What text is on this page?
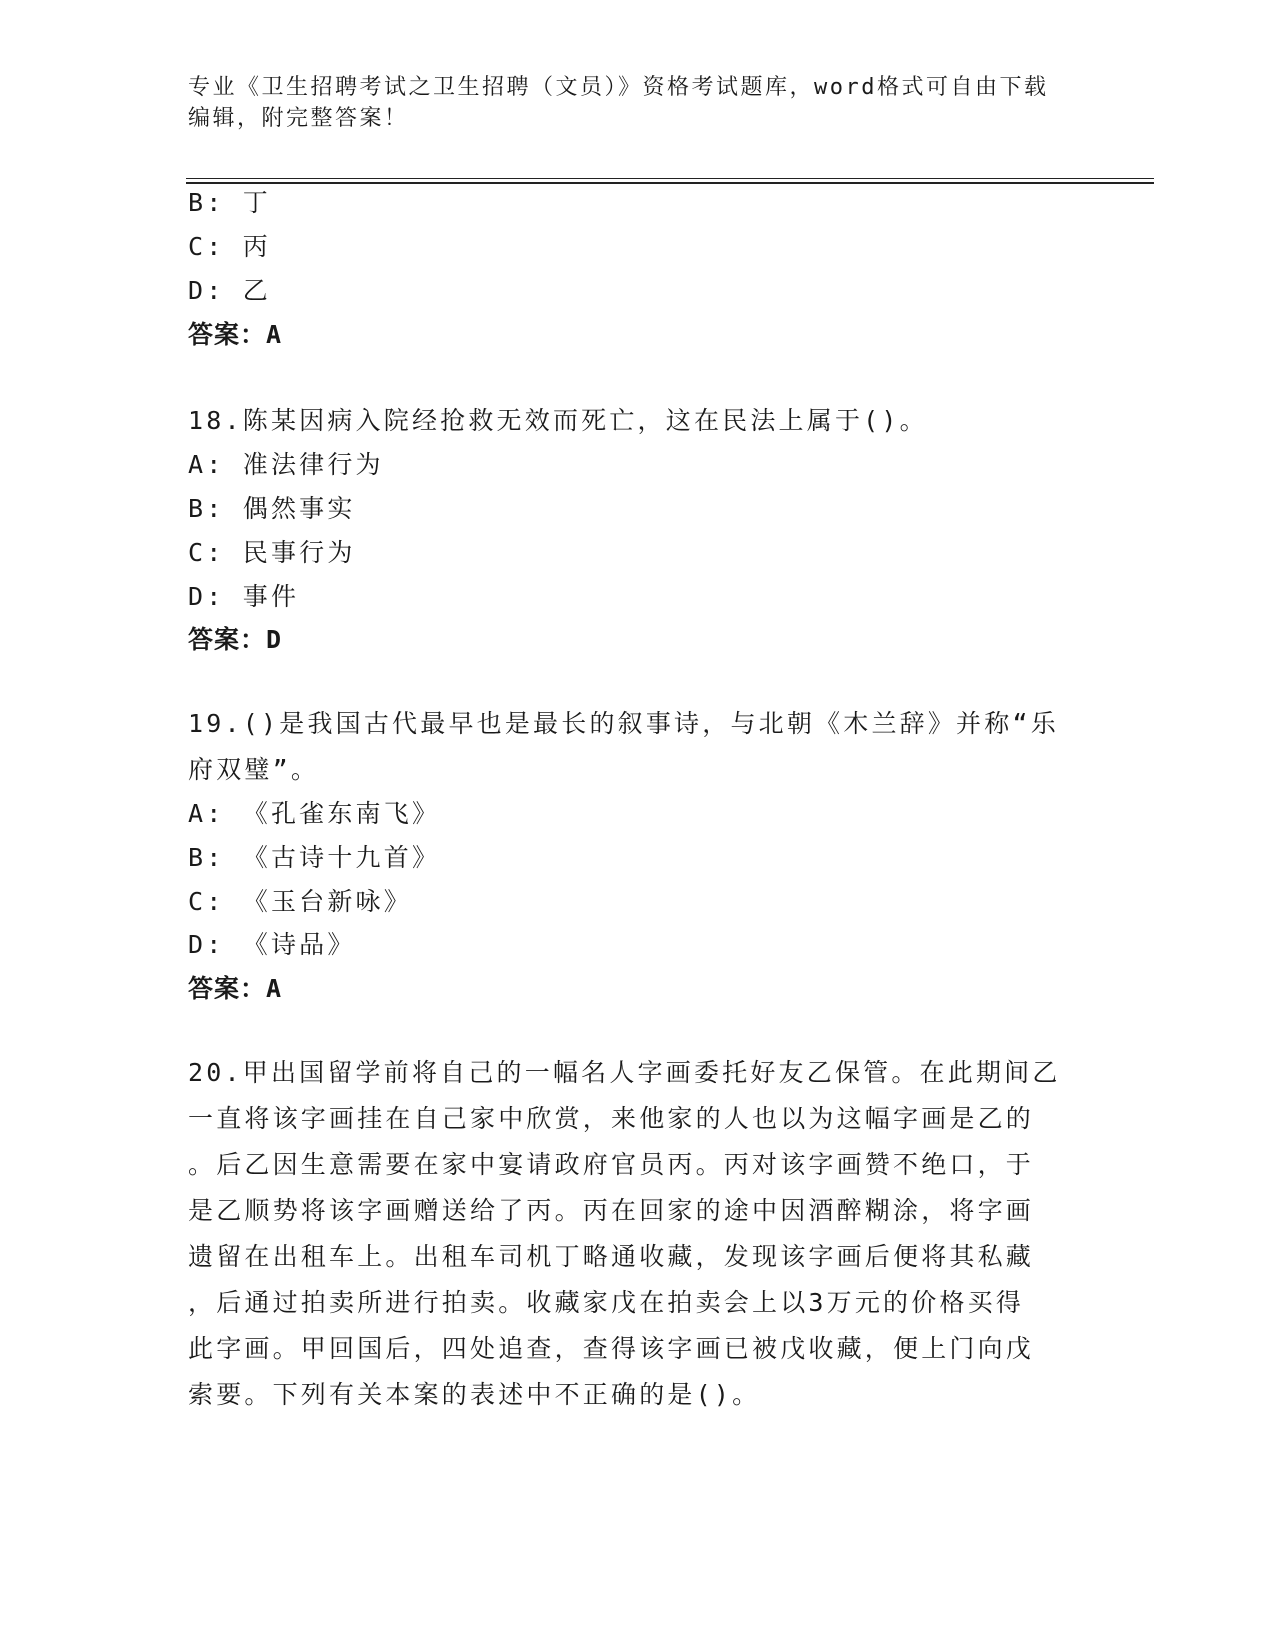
专业《卫生招聘考试之卫生招聘（文员）》资格考试题库，word格式可自由下载
编辑，附完整答案！
B: 丁
C: 丙
D: 乙
答案：A
18.陈某因病入院经抢救无效而死亡，这在民法上属于()。
A: 准法律行为
B: 偶然事实
C: 民事行为
D: 事件
答案：D
19.()是我国古代最早也是最长的叙事诗，与北朝《木兰辞》并称“乐
府双璧”。
A: 《孔雀东南飞》
B: 《古诗十九首》
C: 《玉台新咏》
D: 《诗品》
答案：A
20.甲出国留学前将自己的一幅名人字画委托好友乙保管。在此期间乙
一直将该字画挂在自己家中欣赏，来他家的人也以为这幅字画是乙的
。后乙因生意需要在家中宴请政府官员丙。丙对该字画赞不绝口，于
是乙顺势将该字画赠送给了丙。丙在回家的途中因酒醉糊涂，将字画
遗留在出租车上。出租车司机丁略通收藏，发现该字画后便将其私藏
，后通过拍卖所进行拍卖。收藏家戊在拍卖会上以3万元的价格买得
此字画。甲回国后，四处追查，查得该字画已被戊收藏，便上门向戊
索要。下列有关本案的表述中不正确的是()。
